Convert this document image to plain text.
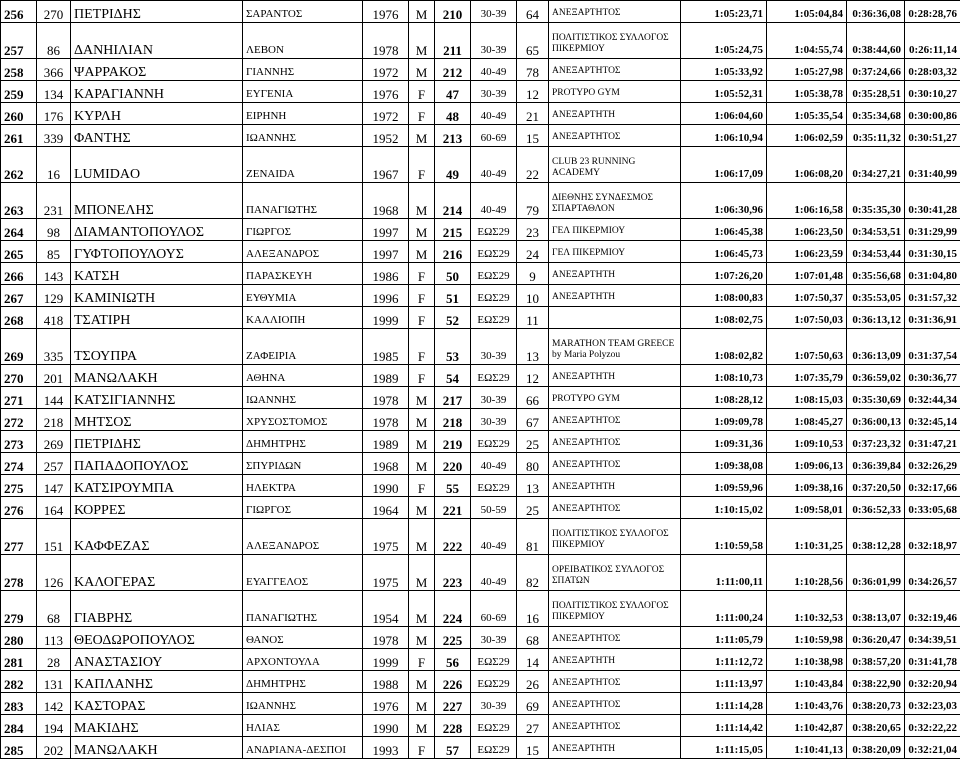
256	270	ΠΕΤΡΙΔΗΣ	ΣΑΡΑΝΤΟΣ	1976	M	210	30-39	64	ΑΝΕΞΑΡΤΗΤΟΣ	1:05:23,71	1:05:04,84	0:36:36,08	0:28:28,76
257	86	ΔΑΝΗΙΛΙΑΝ	ΛΕΒΟΝ	1978	M	211	30-39	65	ΠΟΛΙΤΙΣΤΙΚΟΣ ΣΥΛΛΟΓΟΣ ΠΙΚΕΡΜΙΟΥ	1:05:24,75	1:04:55,74	0:38:44,60	0:26:11,14
258	366	ΨΑΡΡΑΚΟΣ	ΓΙΑΝΝΗΣ	1972	M	212	40-49	78	ΑΝΕΞΑΡΤΗΤΟΣ	1:05:33,92	1:05:27,98	0:37:24,66	0:28:03,32
259	134	ΚΑΡΑΓΙΑΝΝΗ	ΕΥΓΕΝΙΑ	1976	F	47	30-39	12	PROTYPO GYM	1:05:52,31	1:05:38,78	0:35:28,51	0:30:10,27
260	176	ΚΥΡΛΗ	ΕΙΡΗΝΗ	1972	F	48	40-49	21	ΑΝΕΞΑΡΤΗΤΗ	1:06:04,60	1:05:35,54	0:35:34,68	0:30:00,86
261	339	ΦΑΝΤΗΣ	ΙΩΑΝΝΗΣ	1952	M	213	60-69	15	ΑΝΕΞΑΡΤΗΤΟΣ	1:06:10,94	1:06:02,59	0:35:11,32	0:30:51,27
262	16	LUMIDAO	ZENAIDA	1967	F	49	40-49	22	CLUB 23 RUNNING ACADEMY	1:06:17,09	1:06:08,20	0:34:27,21	0:31:40,99
263	231	ΜΠΟΝΕΛΗΣ	ΠΑΝΑΓΙΩΤΗΣ	1968	M	214	40-49	79	ΔΙΕΘΝΗΣ ΣΥΝΔΕΣΜΟΣ ΣΠΑΡΤΑΘΛΟΝ	1:06:30,96	1:06:16,58	0:35:35,30	0:30:41,28
264	98	ΔΙΑΜΑΝΤΟΠΟΥΛΟΣ	ΓΙΩΡΓΟΣ	1997	M	215	ΕΩΣ29	23	ΓΕΛ ΠΙΚΕΡΜΙΟΥ	1:06:45,38	1:06:23,50	0:34:53,51	0:31:29,99
265	85	ΓΥΦΤΟΠΟΥΛΟΥΣ	ΑΛΕΞΑΝΔΡΟΣ	1997	M	216	ΕΩΣ29	24	ΓΕΛ ΠΙΚΕΡΜΙΟΥ	1:06:45,73	1:06:23,59	0:34:53,44	0:31:30,15
266	143	ΚΑΤΣΗ	ΠΑΡΑΣΚΕΥΗ	1986	F	50	ΕΩΣ29	9	ΑΝΕΞΑΡΤΗΤΗ	1:07:26,20	1:07:01,48	0:35:56,68	0:31:04,80
267	129	ΚΑΜΙΝΙΩΤΗ	ΕΥΘΥΜΙΑ	1996	F	51	ΕΩΣ29	10	ΑΝΕΞΑΡΤΗΤΗ	1:08:00,83	1:07:50,37	0:35:53,05	0:31:57,32
268	418	ΤΣΑΤΙΡΗ	ΚΑΛΛΙΟΠΗ	1999	F	52	ΕΩΣ29	11		1:08:02,75	1:07:50,03	0:36:13,12	0:31:36,91
269	335	ΤΣΟΥΠΡΑ	ΖΑΦΕΙΡΙΑ	1985	F	53	30-39	13	MARATHON TEAM GREECE by Maria Polyzou	1:08:02,82	1:07:50,63	0:36:13,09	0:31:37,54
270	201	ΜΑΝΩΛΑΚΗ	ΑΘΗΝΑ	1989	F	54	ΕΩΣ29	12	ΑΝΕΞΑΡΤΗΤΗ	1:08:10,73	1:07:35,79	0:36:59,02	0:30:36,77
271	144	ΚΑΤΣΙΓΙΑΝΝΗΣ	ΙΩΑΝΝΗΣ	1978	M	217	30-39	66	PROTYPO GYM	1:08:28,12	1:08:15,03	0:35:30,69	0:32:44,34
272	218	ΜΗΤΣΟΣ	ΧΡΥΣΟΣΤΟΜΟΣ	1978	M	218	30-39	67	ΑΝΕΞΑΡΤΗΤΟΣ	1:09:09,78	1:08:45,27	0:36:00,13	0:32:45,14
273	269	ΠΕΤΡΙΔΗΣ	ΔΗΜΗΤΡΗΣ	1989	M	219	ΕΩΣ29	25	ΑΝΕΞΑΡΤΗΤΟΣ	1:09:31,36	1:09:10,53	0:37:23,32	0:31:47,21
274	257	ΠΑΠΑΔΟΠΟΥΛΟΣ	ΣΠΥΡΙΔΩΝ	1968	M	220	40-49	80	ΑΝΕΞΑΡΤΗΤΟΣ	1:09:38,08	1:09:06,13	0:36:39,84	0:32:26,29
275	147	ΚΑΤΣΙΡΟΥΜΠΑ	ΗΛΕΚΤΡΑ	1990	F	55	ΕΩΣ29	13	ΑΝΕΞΑΡΤΗΤΗ	1:09:59,96	1:09:38,16	0:37:20,50	0:32:17,66
276	164	ΚΟΡΡΕΣ	ΓΙΩΡΓΟΣ	1964	M	221	50-59	25	ΑΝΕΞΑΡΤΗΤΟΣ	1:10:15,02	1:09:58,01	0:36:52,33	0:33:05,68
277	151	ΚΑΦΦΕΖΑΣ	ΑΛΕΞΑΝΔΡΟΣ	1975	M	222	40-49	81	ΠΟΛΙΤΙΣΤΙΚΟΣ ΣΥΛΛΟΓΟΣ ΠΙΚΕΡΜΙΟΥ	1:10:59,58	1:10:31,25	0:38:12,28	0:32:18,97
278	126	ΚΑΛΟΓΕΡΑΣ	ΕΥΑΓΓΕΛΟΣ	1975	M	223	40-49	82	ΟΡΕΙΒΑΤΙΚΟΣ ΣΥΛΛΟΓΟΣ ΣΠΑΤΩΝ	1:11:00,11	1:10:28,56	0:36:01,99	0:34:26,57
279	68	ΓΙΑΒΡΗΣ	ΠΑΝΑΓΙΩΤΗΣ	1954	M	224	60-69	16	ΠΟΛΙΤΙΣΤΙΚΟΣ ΣΥΛΛΟΓΟΣ ΠΙΚΕΡΜΙΟΥ	1:11:00,24	1:10:32,53	0:38:13,07	0:32:19,46
280	113	ΘΕΟΔΩΡΟΠΟΥΛΟΣ	ΘΑΝΟΣ	1978	M	225	30-39	68	ΑΝΕΞΑΡΤΗΤΟΣ	1:11:05,79	1:10:59,98	0:36:20,47	0:34:39,51
281	28	ΑΝΑΣΤΑΣΙΟΥ	ΑΡΧΟΝΤΟΥΛΑ	1999	F	56	ΕΩΣ29	14	ΑΝΕΞΑΡΤΗΤΗ	1:11:12,72	1:10:38,98	0:38:57,20	0:31:41,78
282	131	ΚΑΠΛΑΝΗΣ	ΔΗΜΗΤΡΗΣ	1988	M	226	ΕΩΣ29	26	ΑΝΕΞΑΡΤΗΤΟΣ	1:11:13,97	1:10:43,84	0:38:22,90	0:32:20,94
283	142	ΚΑΣΤΟΡΑΣ	ΙΩΑΝΝΗΣ	1976	M	227	30-39	69	ΑΝΕΞΑΡΤΗΤΟΣ	1:11:14,28	1:10:43,76	0:38:20,73	0:32:23,03
284	194	ΜΑΚΙΔΗΣ	ΗΛΙΑΣ	1990	M	228	ΕΩΣ29	27	ΑΝΕΞΑΡΤΗΤΟΣ	1:11:14,42	1:10:42,87	0:38:20,65	0:32:22,22
285	202	ΜΑΝΩΛΑΚΗ	ΑΝΔΡΙΑΝΑ-ΔΕΣΠΟΙ	1993	F	57	ΕΩΣ29	15	ΑΝΕΞΑΡΤΗΤΗ	1:11:15,05	1:10:41,13	0:38:20,09	0:32:21,04
